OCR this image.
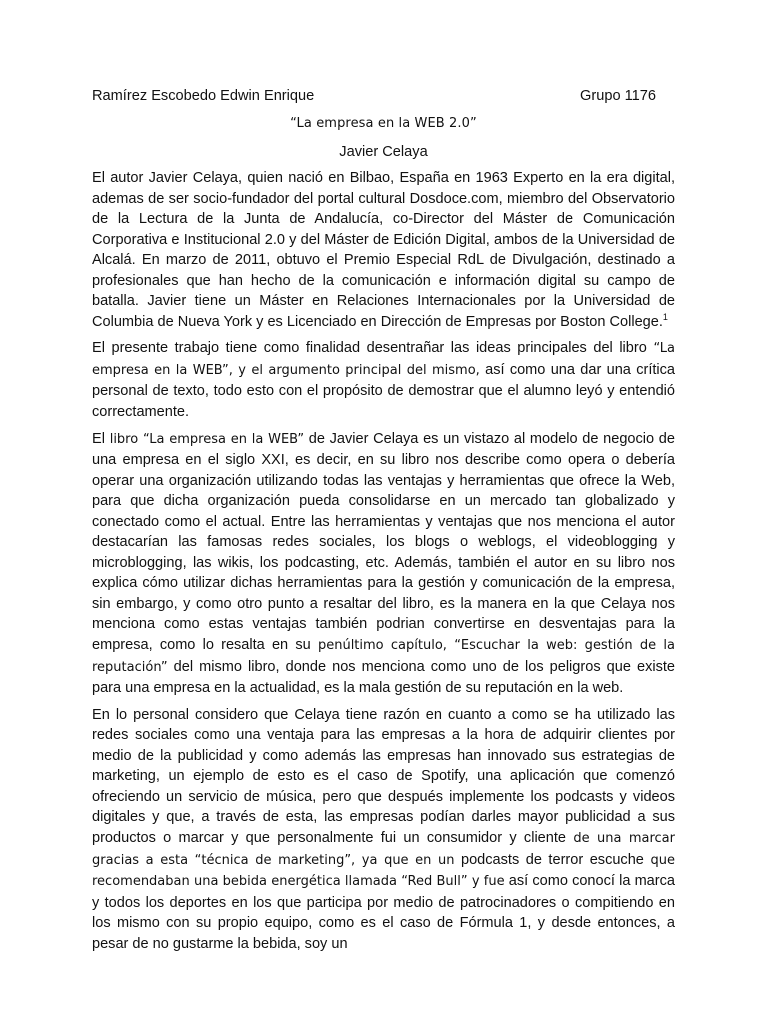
Ramírez Escobedo Edwin Enrique	Grupo 1176
“La empresa en la WEB 2.0”
Javier Celaya

El autor Javier Celaya, quien nació en Bilbao, España en 1963 Experto en la era digital, ademas de ser socio-fundador del portal cultural Dosdoce.com, miembro del Observatorio de la Lectura de la Junta de Andalucía, co-Director del Máster de Comunicación Corporativa e Institucional 2.0 y del Máster de Edición Digital, ambos de la Universidad de Alcalá. En marzo de 2011, obtuvo el Premio Especial RdL de Divulgación, destinado a profesionales que han hecho de la comunicación e información digital su campo de batalla. Javier tiene un Máster en Relaciones Internacionales por la Universidad de Columbia de Nueva York y es Licenciado en Dirección de Empresas por Boston College.$^1$

El presente trabajo tiene como finalidad desentrañar las ideas principales del libro “La empresa en la WEB”, y el argumento principal del mismo, así como una dar una crítica personal de texto, todo esto con el propósito de demostrar que el alumno leyó y entendió correctamente.

El libro “La empresa en la WEB” de Javier Celaya es un vistazo al modelo de negocio de una empresa en el siglo XXI, es decir, en su libro nos describe como opera o debería operar una organización utilizando todas las ventajas y herramientas que ofrece la Web, para que dicha organización pueda consolidarse en un mercado tan globalizado y conectado como el actual. Entre las herramientas y ventajas que nos menciona el autor destacarían las famosas redes sociales, los blogs o weblogs, el videoblogging y microblogging, las wikis, los podcasting, etc. Además, también el autor en su libro nos explica cómo utilizar dichas herramientas para la gestión y comunicación de la empresa, sin embargo, y como otro punto a resaltar del libro, es la manera en la que Celaya nos menciona como estas ventajas también podrian convertirse en desventajas para la empresa, como lo resalta en su penúltimo capítulo, “Escuchar la web: gestión de la reputación” del mismo libro, donde nos menciona como uno de los peligros que existe para una empresa en la actualidad, es la mala gestión de su reputación en la web.

En lo personal considero que Celaya tiene razón en cuanto a como se ha utilizado las redes sociales como una ventaja para las empresas a la hora de adquirir clientes por medio de la publicidad y como además las empresas han innovado sus estrategias de marketing, un ejemplo de esto es el caso de Spotify, una aplicación que comenzó ofreciendo un servicio de música, pero que después implemente los podcasts y videos digitales y que, a través de esta, las empresas podían darles mayor publicidad a sus productos o marcar y que personalmente fui un consumidor y cliente de una marcar gracias a esta “técnica de marketing”, ya que en un podcasts de terror escuche que recomendaban una bebida energética llamada “Red Bull” y fue así como conocí la marca y todos los deportes en los que participa por medio de patrocinadores o compitiendo en los mismo con su propio equipo, como es el caso de Fórmula 1, y desde entonces, a pesar de no gustarme la bebida, soy un
